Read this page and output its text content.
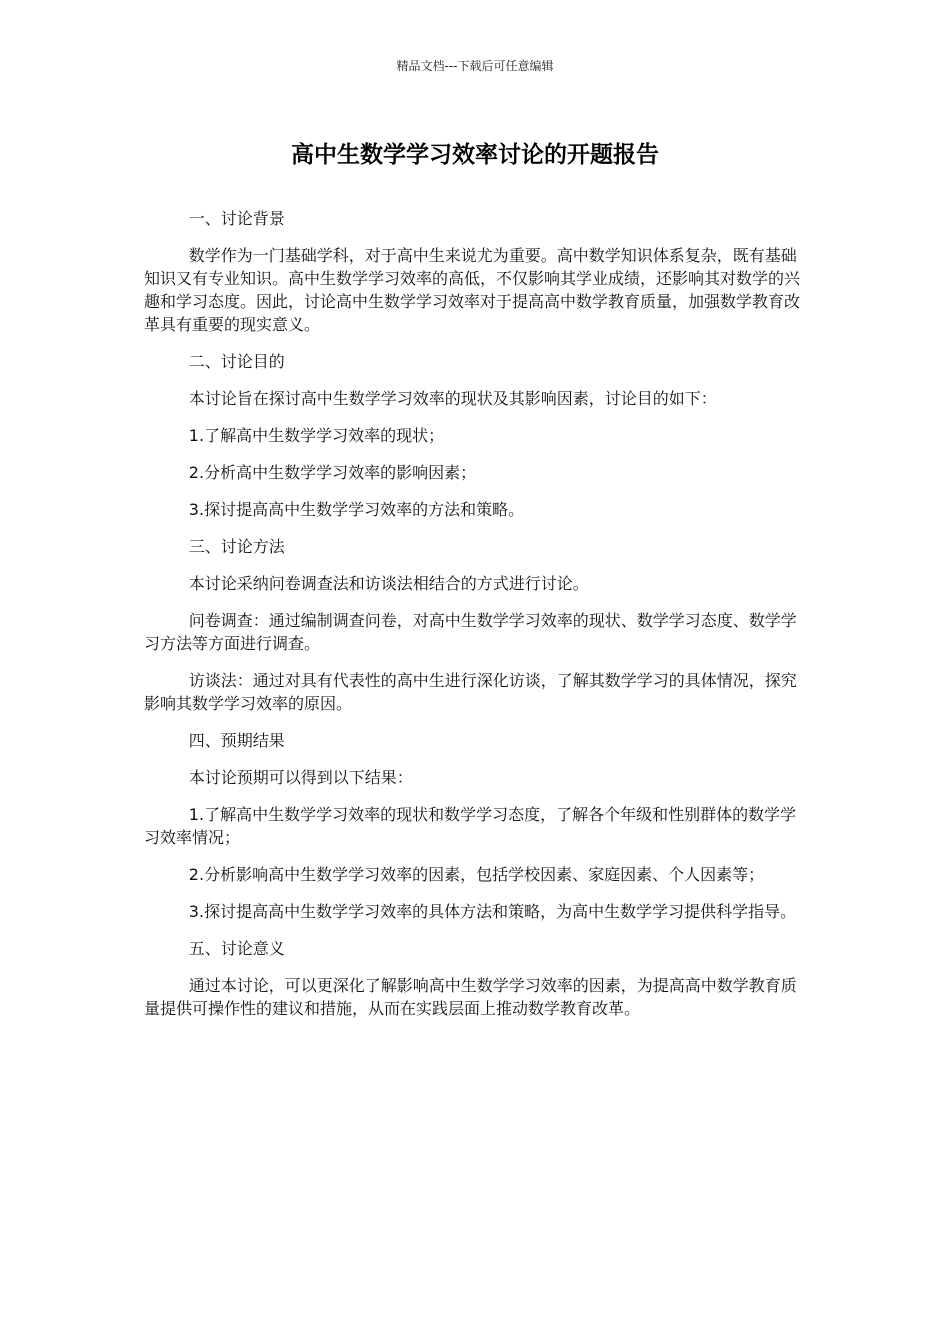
精品文档---下载后可任意编辑
高中生数学学习效率讨论的开题报告

一、讨论背景

数学作为一门基础学科，对于高中生来说尤为重要。高中数学知识体系复杂，既有基础知识又有专业知识。高中生数学学习效率的高低，不仅影响其学业成绩，还影响其对数学的兴趣和学习态度。因此，讨论高中生数学学习效率对于提高高中数学教育质量，加强数学教育改革具有重要的现实意义。

二、讨论目的

本讨论旨在探讨高中生数学学习效率的现状及其影响因素，讨论目的如下：

1.了解高中生数学学习效率的现状；

2.分析高中生数学学习效率的影响因素；

3.探讨提高高中生数学学习效率的方法和策略。

三、讨论方法

本讨论采纳问卷调查法和访谈法相结合的方式进行讨论。

问卷调查：通过编制调查问卷，对高中生数学学习效率的现状、数学学习态度、数学学习方法等方面进行调查。

访谈法：通过对具有代表性的高中生进行深化访谈，了解其数学学习的具体情况，探究影响其数学学习效率的原因。

四、预期结果

本讨论预期可以得到以下结果：

1.了解高中生数学学习效率的现状和数学学习态度，了解各个年级和性别群体的数学学习效率情况；

2.分析影响高中生数学学习效率的因素，包括学校因素、家庭因素、个人因素等；

3.探讨提高高中生数学学习效率的具体方法和策略，为高中生数学学习提供科学指导。

五、讨论意义

通过本讨论，可以更深化了解影响高中生数学学习效率的因素，为提高高中数学教育质量提供可操作性的建议和措施，从而在实践层面上推动数学教育改革。
